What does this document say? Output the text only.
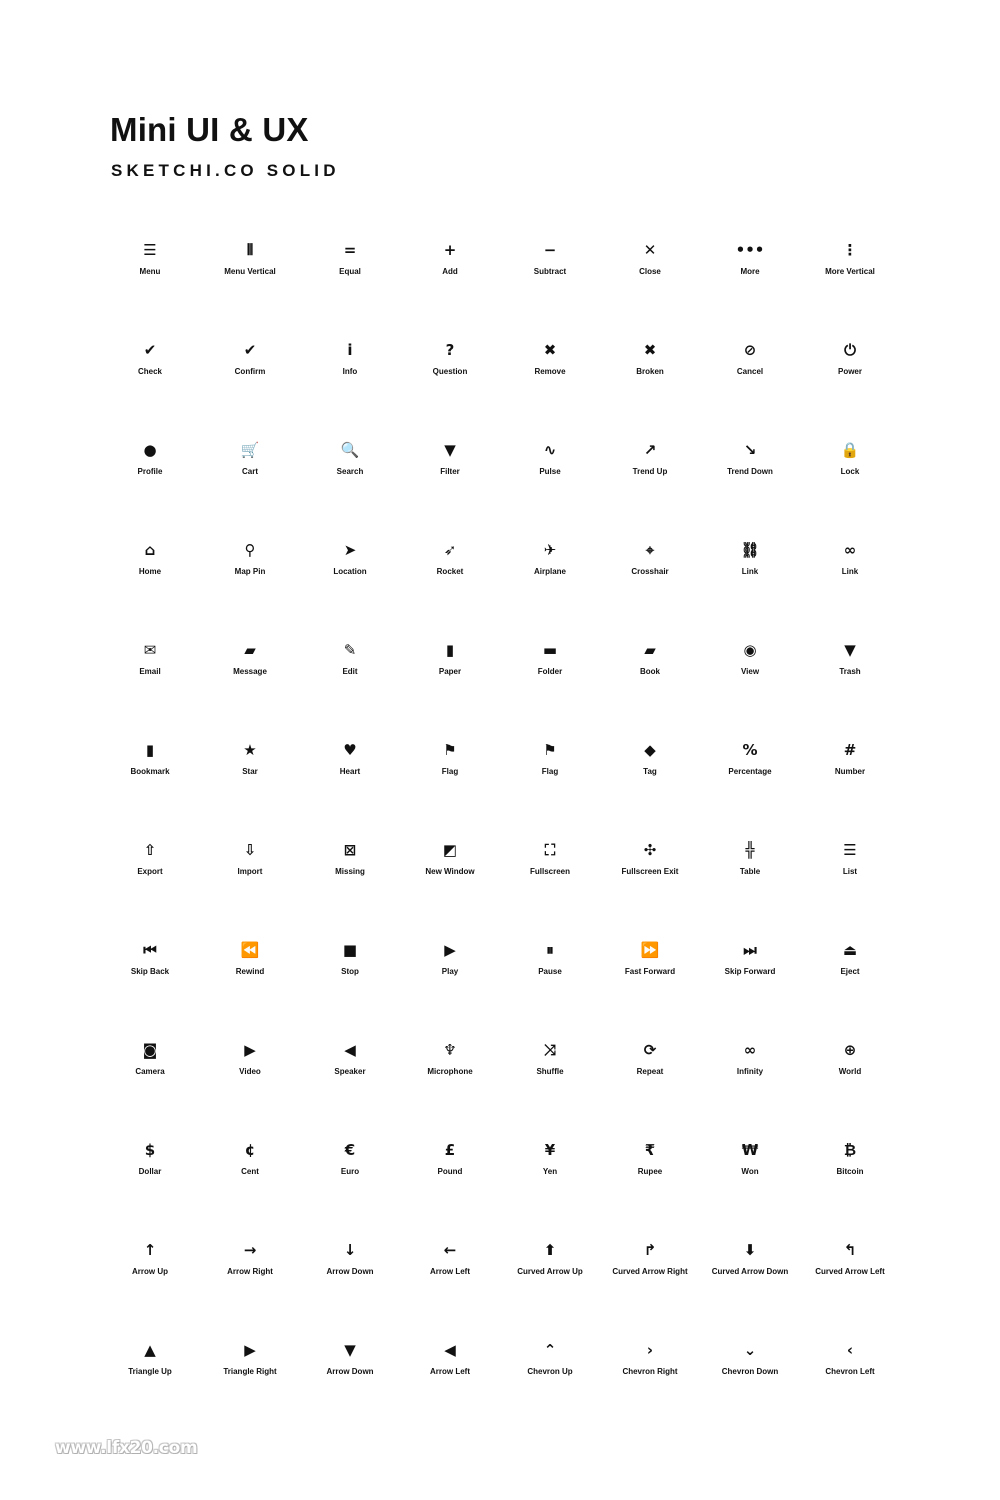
Mini UI & UX
SKETCHI.CO SOLID
☰
Menu
⦀
Menu Vertical
=
Equal
+
Add
−
Subtract
✕
Close
•••
More
⋮
More Vertical
✔
Check
✔
Confirm
i
Info
?
Question
✖
Remove
✖
Broken
⊘
Cancel
⏻
Power
●
Profile
🛒
Cart
🔍
Search
▼
Filter
∿
Pulse
↗
Trend Up
↘
Trend Down
🔒
Lock
⌂
Home
⚲
Map Pin
➤
Location
➶
Rocket
✈
Airplane
⌖
Crosshair
⛓
Link
∞
Link
✉
Email
▰
Message
✎
Edit
▮
Paper
▬
Folder
▰
Book
◉
View
▼
Trash
▮
Bookmark
★
Star
♥
Heart
⚑
Flag
⚑
Flag
◆
Tag
%
Percentage
#
Number
⇧
Export
⇩
Import
⊠
Missing
◩
New Window
⛶
Fullscreen
✣
Fullscreen Exit
╬
Table
☰
List
⏮
Skip Back
⏪
Rewind
■
Stop
▶
Play
⏸
Pause
⏩
Fast Forward
⏭
Skip Forward
⏏
Eject
◙
Camera
▶
Video
◀
Speaker
♆
Microphone
⤨
Shuffle
⟳
Repeat
∞
Infinity
⊕
World
$
Dollar
¢
Cent
€
Euro
£
Pound
¥
Yen
₹
Rupee
₩
Won
₿
Bitcoin
↑
Arrow Up
→
Arrow Right
↓
Arrow Down
←
Arrow Left
⬆
Curved Arrow Up
↱
Curved Arrow Right
⬇
Curved Arrow Down
↰
Curved Arrow Left
▲
Triangle Up
▶
Triangle Right
▼
Arrow Down
◀
Arrow Left
⌃
Chevron Up
›
Chevron Right
⌄
Chevron Down
‹
Chevron Left
www.lfx20.com
